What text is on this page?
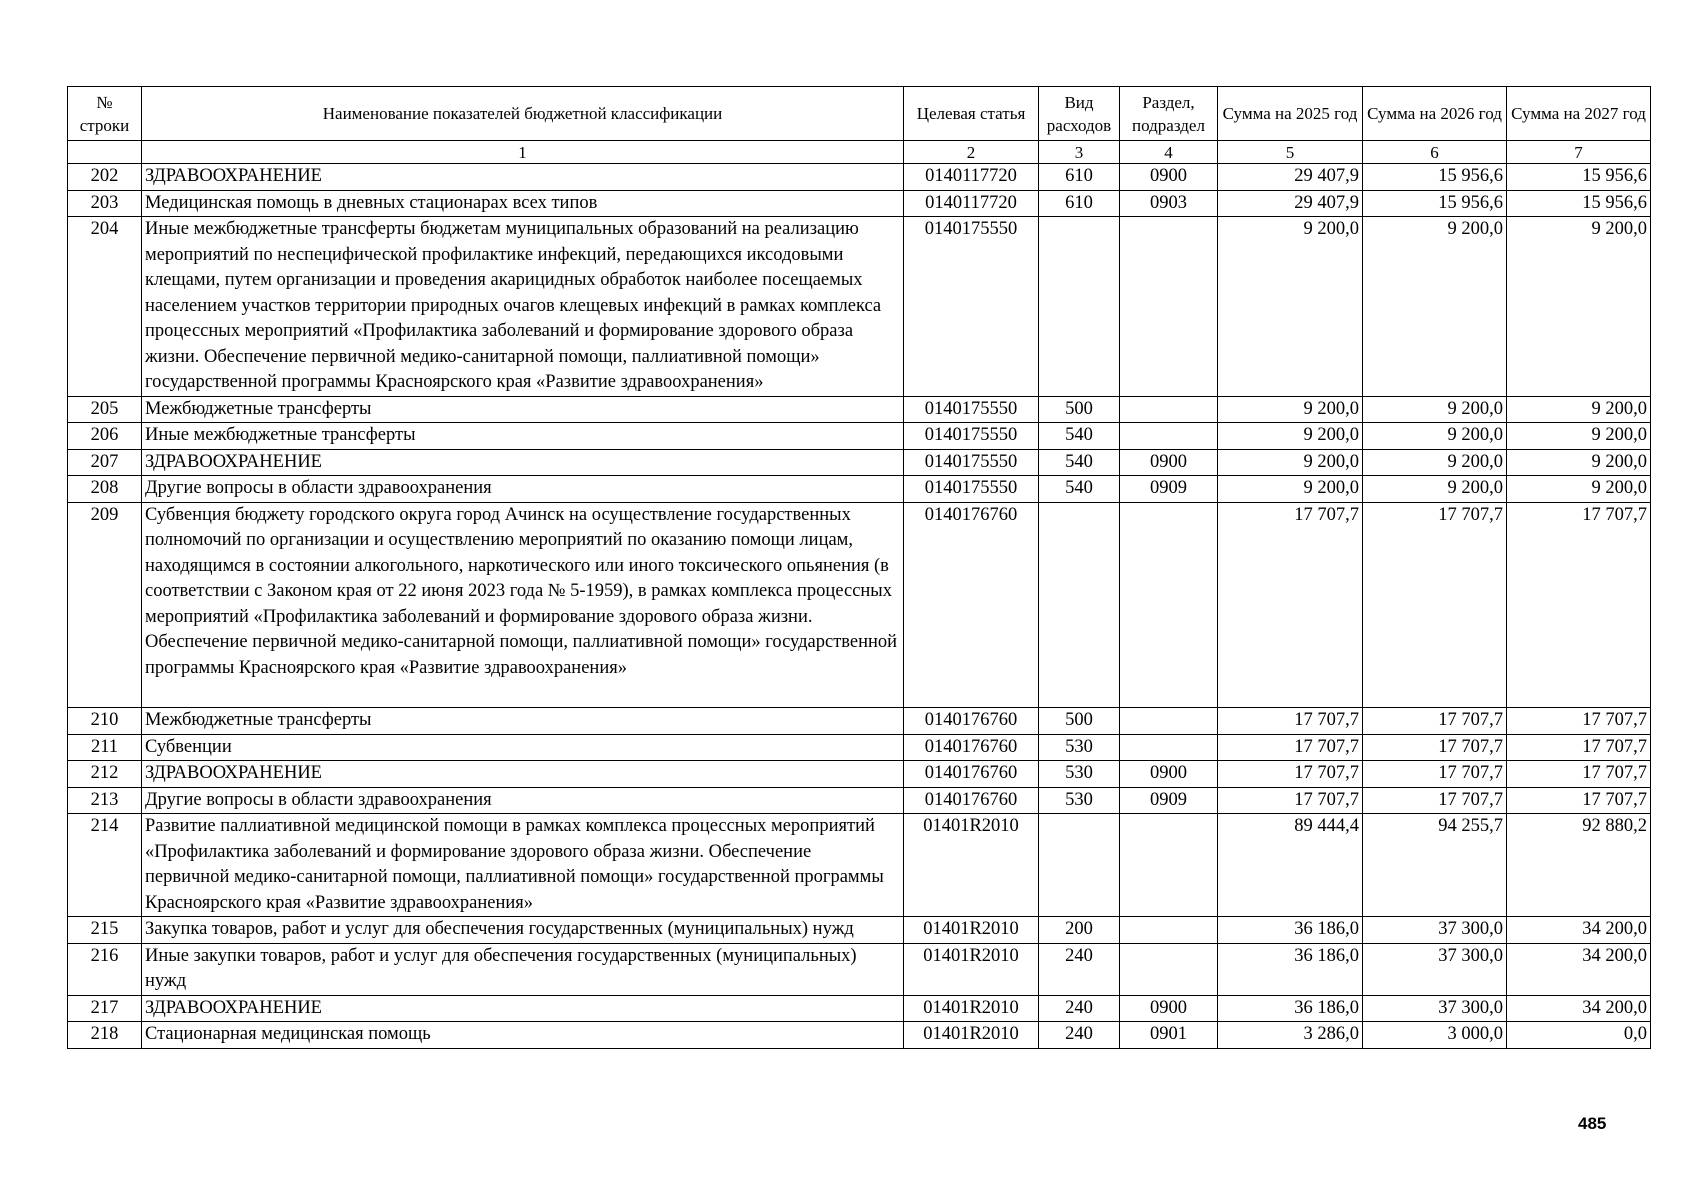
№ строки	Наименование показателей бюджетной классификации	Целевая статья	Вид расходов	Раздел, подраздел	Сумма на 2025 год	Сумма на 2026 год	Сумма на 2027 год
	1	2	3	4	5	6	7
202	ЗДРАВООХРАНЕНИЕ	0140117720	610	0900	29 407,9	15 956,6	15 956,6
203	Медицинская помощь в дневных стационарах всех типов	0140117720	610	0903	29 407,9	15 956,6	15 956,6
204	Иные межбюджетные трансферты бюджетам муниципальных образований на реализацию мероприятий по неспецифической профилактике инфекций, передающихся иксодовыми клещами, путем организации и проведения акарицидных обработок наиболее посещаемых населением участков территории природных очагов клещевых инфекций в рамках комплекса процессных мероприятий «Профилактика заболеваний и формирование здорового образа жизни. Обеспечение первичной медико-санитарной помощи, паллиативной помощи» государственной программы Красноярского края «Развитие здравоохранения»	0140175550			9 200,0	9 200,0	9 200,0
205	Межбюджетные трансферты	0140175550	500		9 200,0	9 200,0	9 200,0
206	Иные межбюджетные трансферты	0140175550	540		9 200,0	9 200,0	9 200,0
207	ЗДРАВООХРАНЕНИЕ	0140175550	540	0900	9 200,0	9 200,0	9 200,0
208	Другие вопросы в области здравоохранения	0140175550	540	0909	9 200,0	9 200,0	9 200,0
209	Субвенция бюджету городского округа город Ачинск на осуществление государственных полномочий по организации и осуществлению мероприятий по оказанию помощи лицам, находящимся в состоянии алкогольного, наркотического или иного токсического опьянения (в соответствии с Законом края от 22 июня 2023 года № 5-1959), в рамках комплекса процессных мероприятий «Профилактика заболеваний и формирование здорового образа жизни. Обеспечение первичной медико-санитарной помощи, паллиативной помощи» государственной программы Красноярского края «Развитие здравоохранения»	0140176760			17 707,7	17 707,7	17 707,7
210	Межбюджетные трансферты	0140176760	500		17 707,7	17 707,7	17 707,7
211	Субвенции	0140176760	530		17 707,7	17 707,7	17 707,7
212	ЗДРАВООХРАНЕНИЕ	0140176760	530	0900	17 707,7	17 707,7	17 707,7
213	Другие вопросы в области здравоохранения	0140176760	530	0909	17 707,7	17 707,7	17 707,7
214	Развитие паллиативной медицинской помощи в рамках комплекса процессных мероприятий «Профилактика заболеваний и формирование здорового образа жизни. Обеспечение первичной медико-санитарной помощи, паллиативной помощи» государственной программы Красноярского края «Развитие здравоохранения»	01401R2010			89 444,4	94 255,7	92 880,2
215	Закупка товаров, работ и услуг для обеспечения государственных (муниципальных) нужд	01401R2010	200		36 186,0	37 300,0	34 200,0
216	Иные закупки товаров, работ и услуг для обеспечения государственных (муниципальных) нужд	01401R2010	240		36 186,0	37 300,0	34 200,0
217	ЗДРАВООХРАНЕНИЕ	01401R2010	240	0900	36 186,0	37 300,0	34 200,0
218	Стационарная медицинская помощь	01401R2010	240	0901	3 286,0	3 000,0	0,0
485
